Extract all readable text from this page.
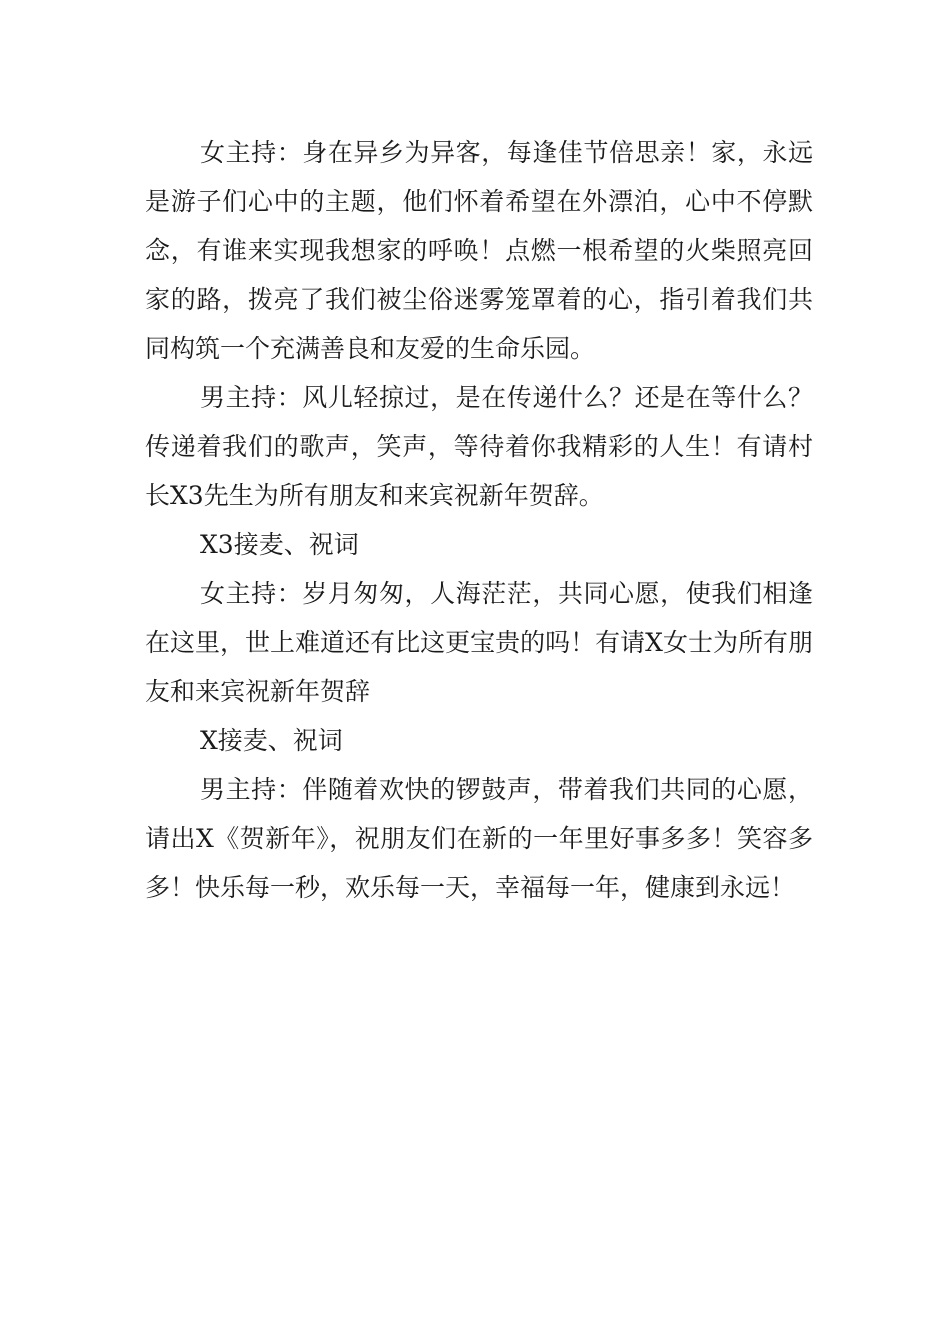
女主持：身在异乡为异客，每逢佳节倍思亲！家，永远是游子们心中的主题，他们怀着希望在外漂泊，心中不停默念，有谁来实现我想家的呼唤！点燃一根希望的火柴照亮回家的路，拨亮了我们被尘俗迷雾笼罩着的心，指引着我们共同构筑一个充满善良和友爱的生命乐园。

男主持：风儿轻掠过，是在传递什么？还是在等什么？传递着我们的歌声，笑声，等待着你我精彩的人生！有请村长X3先生为所有朋友和来宾祝新年贺辞。

X3接麦、祝词

女主持：岁月匆匆，人海茫茫，共同心愿，使我们相逢在这里，世上难道还有比这更宝贵的吗！有请X女士为所有朋友和来宾祝新年贺辞

X接麦、祝词

男主持：伴随着欢快的锣鼓声，带着我们共同的心愿，请出X《贺新年》，祝朋友们在新的一年里好事多多！笑容多多！快乐每一秒，欢乐每一天，幸福每一年，健康到永远！
